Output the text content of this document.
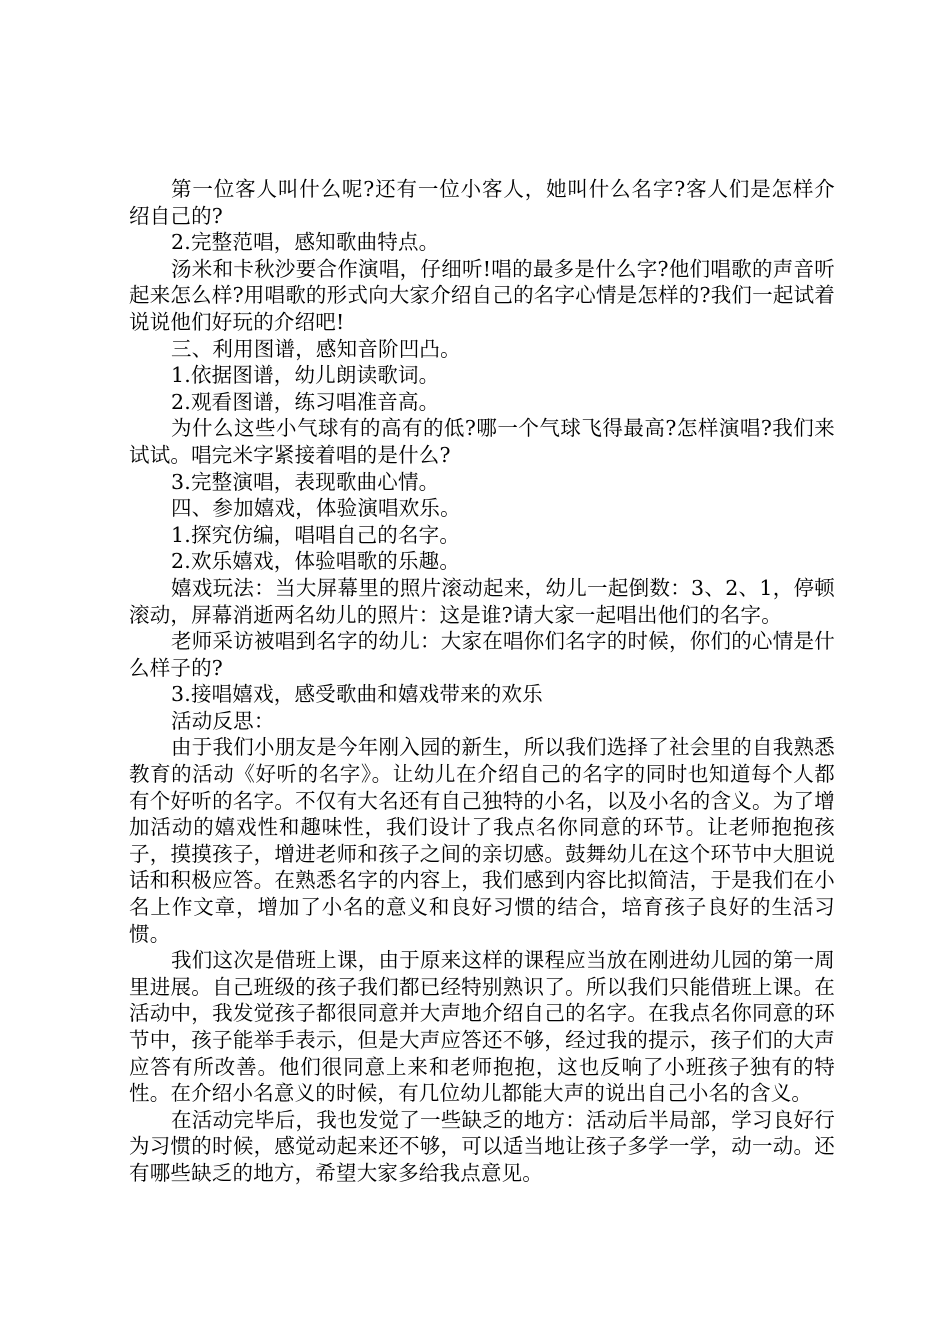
第一位客人叫什么呢?还有一位小客人，她叫什么名字?客人们是怎样介绍自己的?

2.完整范唱，感知歌曲特点。

汤米和卡秋沙要合作演唱，仔细听!唱的最多是什么字?他们唱歌的声音听起来怎么样?用唱歌的形式向大家介绍自己的名字心情是怎样的?我们一起试着说说他们好玩的介绍吧!

三、利用图谱，感知音阶凹凸。

1.依据图谱，幼儿朗读歌词。

2.观看图谱，练习唱准音高。

为什么这些小气球有的高有的低?哪一个气球飞得最高?怎样演唱?我们来试试。唱完米字紧接着唱的是什么?

3.完整演唱，表现歌曲心情。

四、参加嬉戏，体验演唱欢乐。

1.探究仿编，唱唱自己的名字。

2.欢乐嬉戏，体验唱歌的乐趣。

嬉戏玩法：当大屏幕里的照片滚动起来，幼儿一起倒数：3、2、1，停顿滚动，屏幕消逝两名幼儿的照片：这是谁?请大家一起唱出他们的名字。

老师采访被唱到名字的幼儿：大家在唱你们名字的时候，你们的心情是什么样子的?

3.接唱嬉戏，感受歌曲和嬉戏带来的欢乐

活动反思：

由于我们小朋友是今年刚入园的新生，所以我们选择了社会里的自我熟悉教育的活动《好听的名字》。让幼儿在介绍自己的名字的同时也知道每个人都有个好听的名字。不仅有大名还有自己独特的小名，以及小名的含义。为了增加活动的嬉戏性和趣味性，我们设计了我点名你同意的环节。让老师抱抱孩子，摸摸孩子，增进老师和孩子之间的亲切感。鼓舞幼儿在这个环节中大胆说话和积极应答。在熟悉名字的内容上，我们感到内容比拟简洁，于是我们在小名上作文章，增加了小名的意义和良好习惯的结合，培育孩子良好的生活习惯。

我们这次是借班上课，由于原来这样的课程应当放在刚进幼儿园的第一周里进展。自己班级的孩子我们都已经特别熟识了。所以我们只能借班上课。在活动中，我发觉孩子都很同意并大声地介绍自己的名字。在我点名你同意的环节中，孩子能举手表示，但是大声应答还不够，经过我的提示，孩子们的大声应答有所改善。他们很同意上来和老师抱抱，这也反响了小班孩子独有的特性。在介绍小名意义的时候，有几位幼儿都能大声的说出自己小名的含义。

在活动完毕后，我也发觉了一些缺乏的地方：活动后半局部，学习良好行为习惯的时候，感觉动起来还不够，可以适当地让孩子多学一学，动一动。还有哪些缺乏的地方，希望大家多给我点意见。
